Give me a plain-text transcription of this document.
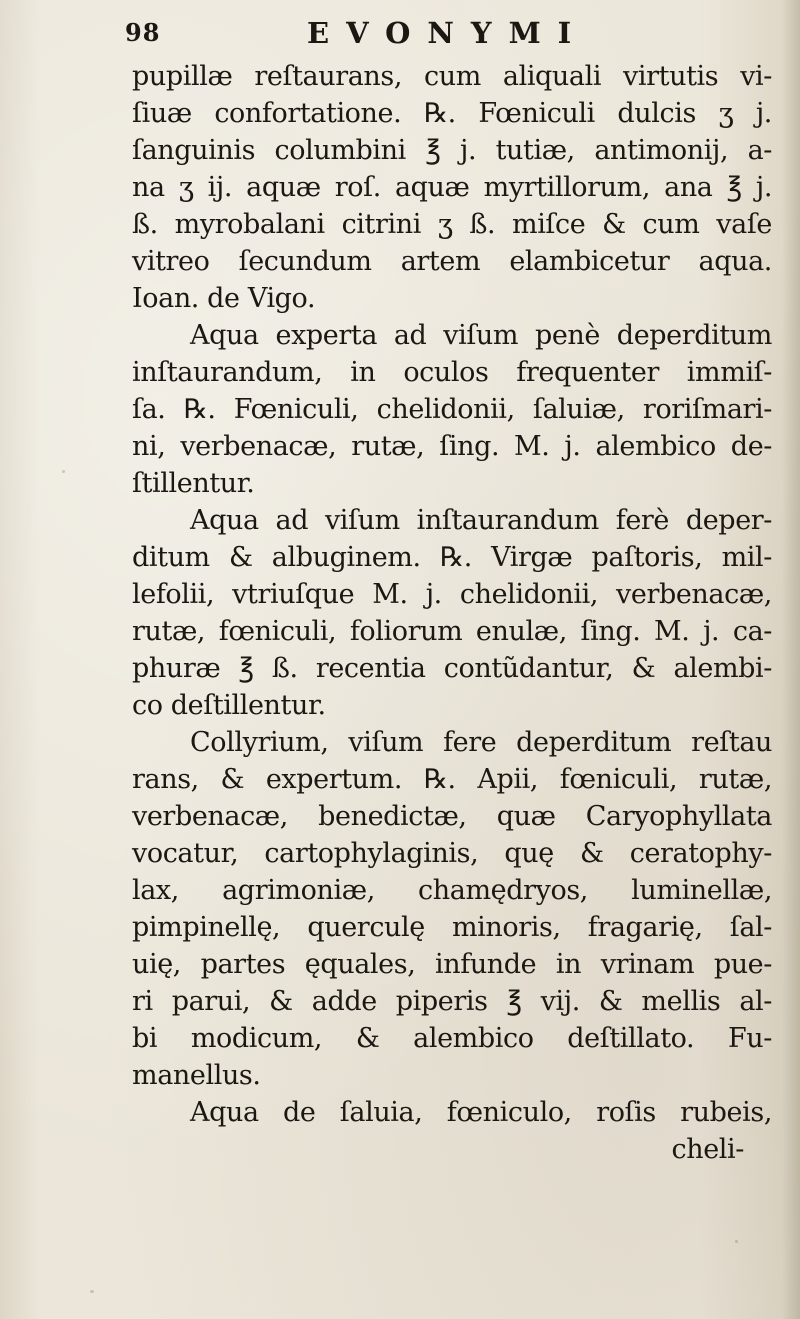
98	EVONYMI
pupillæ reſtaurans, cum aliquali virtutis vi-
ſiuæ confortatione. ℞. Fœniculi dulcis ʒ j.
ſanguinis columbini ℥ j. tutiæ, antimonij, a-
na ʒ ij. aquæ roſ. aquæ myrtillorum, ana ℥ j.
ß. myrobalani citrini ʒ ß. miſce & cum vaſe
vitreo ſecundum artem elambicetur aqua.
Ioan. de Vigo.
Aqua experta ad viſum penè deperditum
inſtaurandum, in oculos frequenter immiſ-
ſa. ℞. Fœniculi, chelidonii, ſaluiæ, roriſmari-
ni, verbenacæ, rutæ, ſing. M. j. alembico de-
ſtillentur.
Aqua ad viſum inſtaurandum ferè deper-
ditum & albuginem. ℞. Virgæ paſtoris, mil-
lefolii, vtriuſque M. j. chelidonii, verbenacæ,
rutæ, fœniculi, foliorum enulæ, ſing. M. j. ca-
phuræ ℥ ß. recentia contũdantur, & alembi-
co deſtillentur.
Collyrium, viſum fere deperditum reſtau
rans, & expertum. ℞. Apii, fœniculi, rutæ,
verbenacæ, benedictæ, quæ Caryophyllata
vocatur, cartophylaginis, quę & ceratophy-
lax, agrimoniæ, chamędryos, luminellæ,
pimpinellę, querculę minoris, fragarię, ſal-
uię, partes ęquales, infunde in vrinam pue-
ri parui, & adde piperis ℥ vij. & mellis al-
bi modicum, & alembico deſtillato. Fu-
manellus.
Aqua de ſaluia, fœniculo, roſis rubeis,
cheli-
